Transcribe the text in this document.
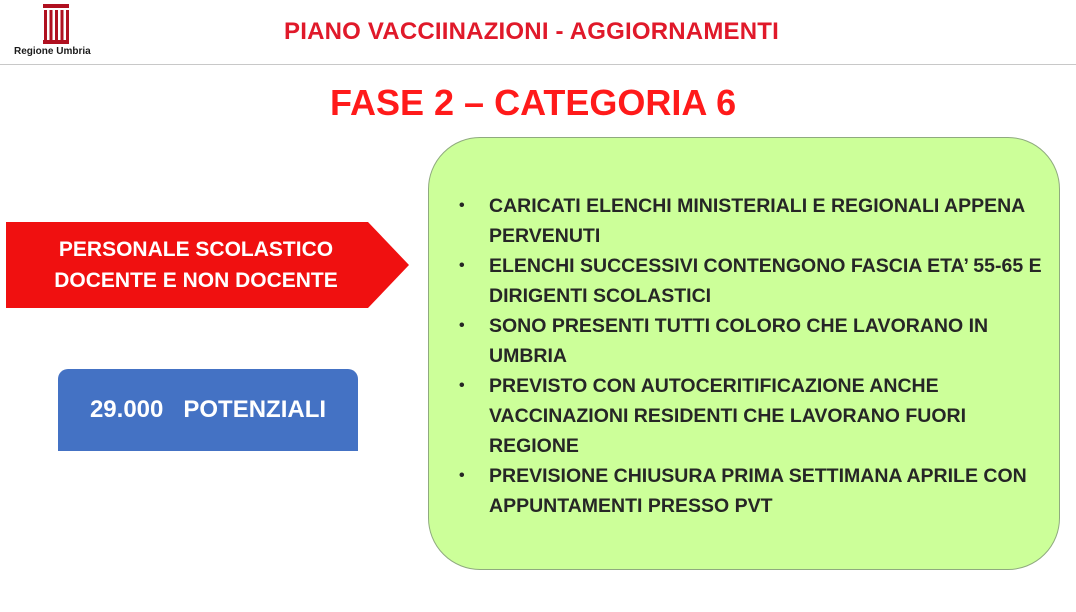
Regione Umbria
PIANO VACCIINAZIONI - AGGIORNAMENTI
FASE 2 – CATEGORIA 6
PERSONALE SCOLASTICO
DOCENTE E NON DOCENTE
29.000   POTENZIALI
• CARICATI ELENCHI MINISTERIALI E REGIONALI APPENA PERVENUTI
• ELENCHI SUCCESSIVI CONTENGONO FASCIA ETA’ 55-65 E DIRIGENTI SCOLASTICI
• SONO PRESENTI TUTTI COLORO CHE LAVORANO IN UMBRIA
• PREVISTO CON AUTOCERITIFICAZIONE ANCHE VACCINAZIONI RESIDENTI CHE LAVORANO FUORI REGIONE
• PREVISIONE CHIUSURA PRIMA SETTIMANA APRILE CON APPUNTAMENTI PRESSO PVT
